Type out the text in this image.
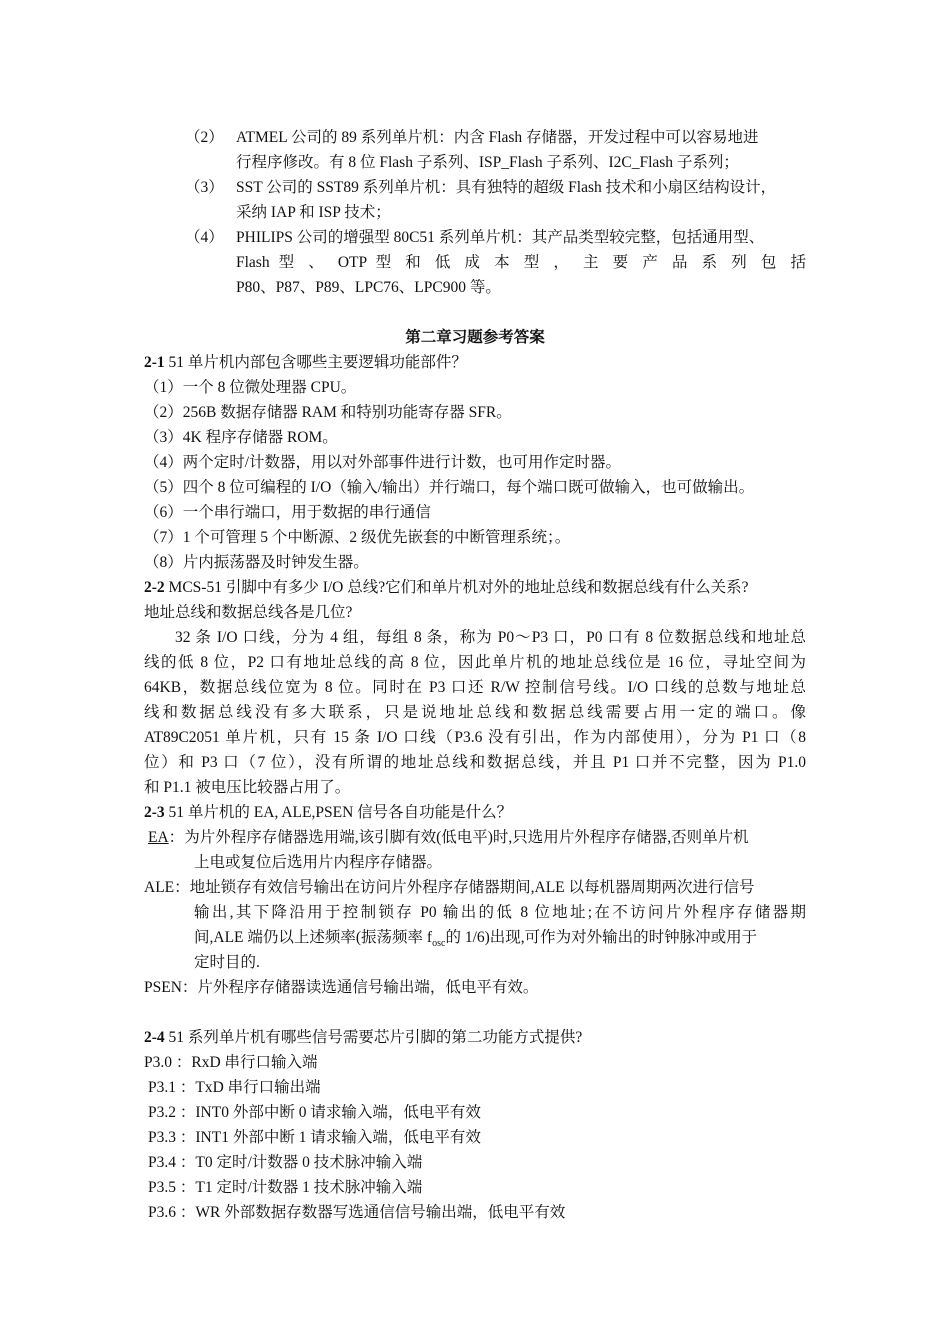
（2） ATMEL 公司的 89 系列单片机：内含 Flash 存储器，开发过程中可以容易地进
行程序修改。有 8 位 Flash 子系列、ISP_Flash 子系列、I2C_Flash 子系列；
（3） SST 公司的 SST89 系列单片机：具有独特的超级 Flash 技术和小扇区结构设计，
采纳 IAP 和 ISP 技术；
（4） PHILIPS 公司的增强型 80C51 系列单片机：其产品类型较完整，包括通用型、
Flash 型 、 OTP 型 和 低 成 本 型 ， 主 要 产 品 系 列 包 括
P80、P87、P89、LPC76、LPC900 等。
第二章习题参考答案
2-1 51 单片机内部包含哪些主要逻辑功能部件？
（1）一个 8 位微处理器 CPU。
（2）256B 数据存储器 RAM 和特别功能寄存器 SFR。
（3）4K 程序存储器 ROM。
（4）两个定时/计数器，用以对外部事件进行计数，也可用作定时器。
（5）四个 8 位可编程的 I/O（输入/输出）并行端口，每个端口既可做输入，也可做输出。
（6）一个串行端口，用于数据的串行通信
（7）1 个可管理 5 个中断源、2 级优先嵌套的中断管理系统；。
（8）片内振荡器及时钟发生器。
2-2 MCS-51 引脚中有多少 I/O 总线?它们和单片机对外的地址总线和数据总线有什么关系?
地址总线和数据总线各是几位?
32 条 I/O 口线，分为 4 组，每组 8 条，称为 P0～P3 口，P0 口有 8 位数据总线和地址总
线的低 8 位，P2 口有地址总线的高 8 位，因此单片机的地址总线位是 16 位，寻址空间为
64KB，数据总线位宽为 8 位。同时在 P3 口还 R/W 控制信号线。I/O 口线的总数与地址总
线和数据总线没有多大联系，只是说地址总线和数据总线需要占用一定的端口。像
AT89C2051 单片机，只有 15 条 I/O 口线（P3.6 没有引出，作为内部使用），分为 P1 口（8
位）和 P3 口（7 位），没有所谓的地址总线和数据总线，并且 P1 口并不完整，因为 P1.0
和 P1.1 被电压比较器占用了。
2-3 51 单片机的 EA, ALE,PSEN 信号各自功能是什么？
EA：为片外程序存储器选用端,该引脚有效(低电平)时,只选用片外程序存储器,否则单片机
上电或复位后选用片内程序存储器。
ALE：地址锁存有效信号输出在访问片外程序存储器期间,ALE 以每机器周期两次进行信号
输出,其下降沿用于控制锁存 P0 输出的低 8 位地址;在不访问片外程序存储器期
间,ALE 端仍以上述频率(振荡频率 $f_{osc}$的 1/6)出现,可作为对外输出的时钟脉冲或用于
定时目的.
PSEN：片外程序存储器读选通信号输出端，低电平有效。
2-4 51 系列单片机有哪些信号需要芯片引脚的第二功能方式提供?
P3.0 ：RxD 串行口输入端
P3.1 ：TxD 串行口输出端
P3.2 ：INT0 外部中断 0 请求输入端，低电平有效
P3.3 ：INT1 外部中断 1 请求输入端，低电平有效
P3.4 ：T0 定时/计数器 0 技术脉冲输入端
P3.5 ：T1 定时/计数器 1 技术脉冲输入端
P3.6 ：WR 外部数据存数器写选通信信号输出端，低电平有效
